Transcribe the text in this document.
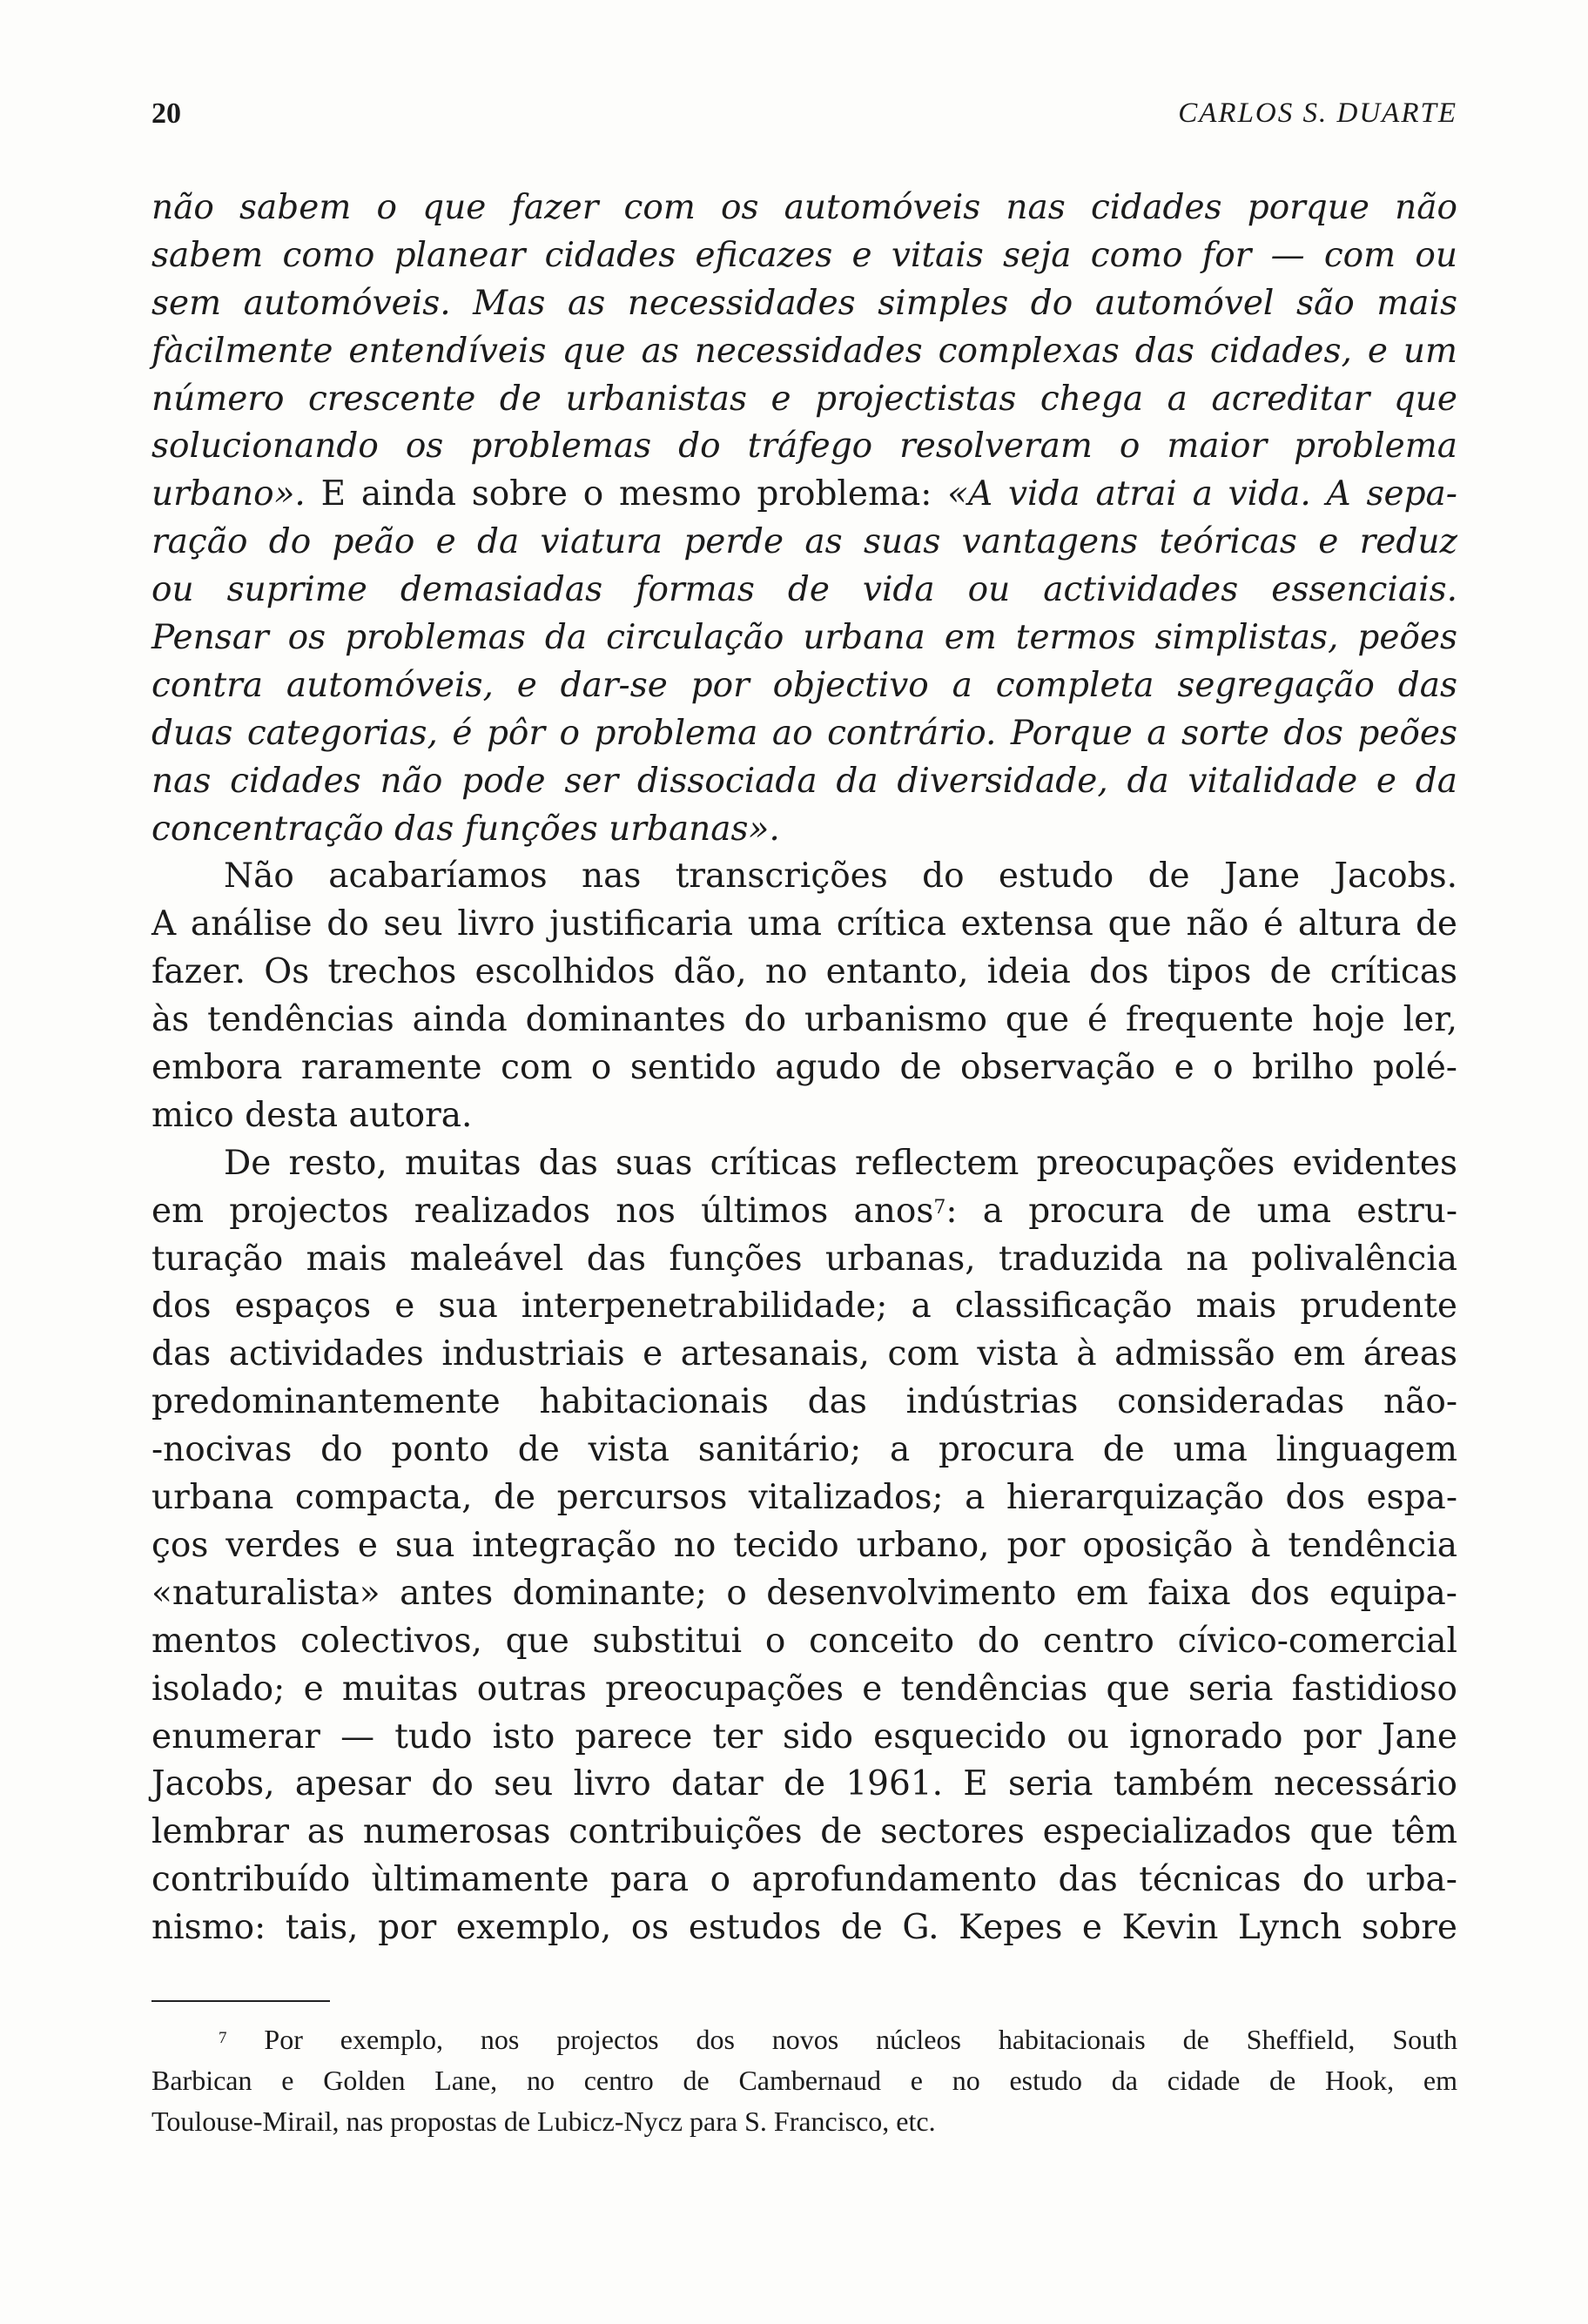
20	CARLOS S. DUARTE
não sabem o que fazer com os automóveis nas cidades porque não
sabem como planear cidades eficazes e vitais seja como for — com ou
sem automóveis. Mas as necessidades simples do automóvel são mais
fàcilmente entendíveis que as necessidades complexas das cidades, e um
número crescente de urbanistas e projectistas chega a acreditar que
solucionando os problemas do tráfego resolveram o maior problema
urbano». E ainda sobre o mesmo problema: «A vida atrai a vida. A sepa-
ração do peão e da viatura perde as suas vantagens teóricas e reduz
ou suprime demasiadas formas de vida ou actividades essenciais.
Pensar os problemas da circulação urbana em termos simplistas, peões
contra automóveis, e dar-se por objectivo a completa segregação das
duas categorias, é pôr o problema ao contrário. Porque a sorte dos peões
nas cidades não pode ser dissociada da diversidade, da vitalidade e da
concentração das funções urbanas».
Não acabaríamos nas transcrições do estudo de Jane Jacobs.
A análise do seu livro justificaria uma crítica extensa que não é altura de
fazer. Os trechos escolhidos dão, no entanto, ideia dos tipos de críticas
às tendências ainda dominantes do urbanismo que é frequente hoje ler,
embora raramente com o sentido agudo de observação e o brilho polé-
mico desta autora.
De resto, muitas das suas críticas reflectem preocupações evidentes
em projectos realizados nos últimos anos$^7$: a procura de uma estru-
turação mais maleável das funções urbanas, traduzida na polivalência
dos espaços e sua interpenetrabilidade; a classificação mais prudente
das actividades industriais e artesanais, com vista à admissão em áreas
predominantemente habitacionais das indústrias consideradas não-
-nocivas do ponto de vista sanitário; a procura de uma linguagem
urbana compacta, de percursos vitalizados; a hierarquização dos espa-
ços verdes e sua integração no tecido urbano, por oposição à tendência
«naturalista» antes dominante; o desenvolvimento em faixa dos equipa-
mentos colectivos, que substitui o conceito do centro cívico-comercial
isolado; e muitas outras preocupações e tendências que seria fastidioso
enumerar — tudo isto parece ter sido esquecido ou ignorado por Jane
Jacobs, apesar do seu livro datar de 1961. E seria também necessário
lembrar as numerosas contribuições de sectores especializados que têm
contribuído ùltimamente para o aprofundamento das técnicas do urba-
nismo: tais, por exemplo, os estudos de G. Kepes e Kevin Lynch sobre
$^7$ Por exemplo, nos projectos dos novos núcleos habitacionais de Sheffield, South
Barbican e Golden Lane, no centro de Cambernaud e no estudo da cidade de Hook, em
Toulouse-Mirail, nas propostas de Lubicz-Nycz para S. Francisco, etc.
